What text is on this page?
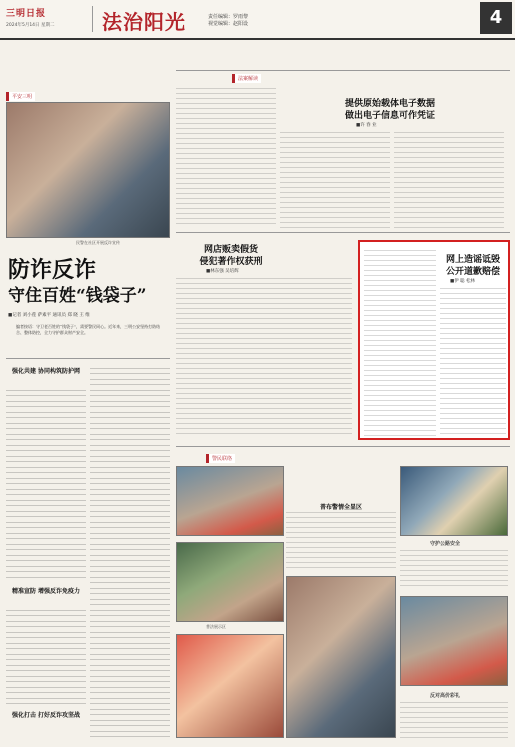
三明日报
2024年5月14日 星期二 法治阳光	责任编辑：罗雨黎
视觉编辑：赵阳设	4
平安三明
民警在社区开展反诈宣传
防诈反诈
守住百姓“钱袋子”
■记者 刘小莲 萨素平 通讯员 郑 晓 王 维
编者按语：守卫老百姓的“钱袋子”，需要警民同心。近年来，三明公安坚持打防结合、整体防控，全力守护群众财产安全。
强化共建 协同构筑防护网
精准宣防 增强反诈免疫力
强化打击 打好反诈攻坚战
法案解读
提供原始载体电子数据
做出电子信息可作凭证
■许 春 业
网店贩卖假货
侵犯著作权获刑
■林东强 吴培辉
网上造谣诋毁
公开道歉赔偿
■伊 聪 松林
警民联络
普布警情全显区
守护公路安全
普法展示区
反对高价彩礼
